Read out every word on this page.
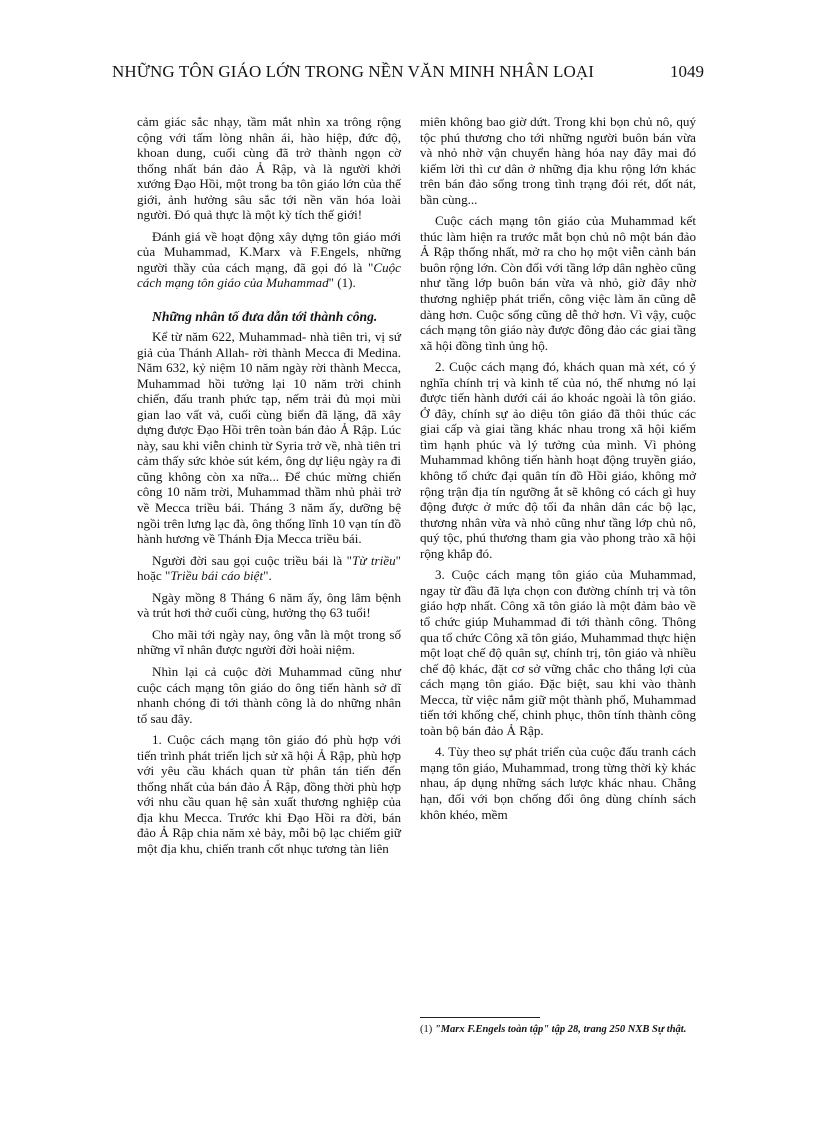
NHỮNG TÔN GIÁO LỚN TRONG NỀN VĂN MINH NHÂN LOẠI	1049

cảm giác sắc nhạy, tầm mắt nhìn xa trông rộng cộng với tấm lòng nhân ái, hào hiệp, đức độ, khoan dung, cuối cùng đã trở thành ngọn cờ thống nhất bán đảo Ả Rập, và là người khởi xướng Đạo Hồi, một trong ba tôn giáo lớn của thế giới, ảnh hưởng sâu sắc tới nền văn hóa loài người. Đó quả thực là một kỳ tích thế giới!

Đánh giá về hoạt động xây dựng tôn giáo mới của Muhammad, K.Marx và F.Engels, những người thầy của cách mạng, đã gọi đó là "Cuộc cách mạng tôn giáo của Muhammad" (1).

Những nhân tố đưa dẫn tới thành công.

Kể từ năm 622, Muhammad- nhà tiên tri, vị sứ giả của Thánh Allah- rời thành Mecca đi Medina. Năm 632, kỷ niệm 10 năm ngày rời thành Mecca, Muhammad hồi tưởng lại 10 năm trời chinh chiến, đấu tranh phức tạp, nếm trải đủ mọi mùi gian lao vất vả, cuối cùng biển đã lặng, đã xây dựng được Đạo Hồi trên toàn bán đảo Ả Rập. Lúc này, sau khi viễn chinh từ Syria trở về, nhà tiên tri cảm thấy sức khỏe sút kém, ông dự liệu ngày ra đi cũng không còn xa nữa... Để chúc mừng chiến công 10 năm trời, Muhammad thầm nhủ phải trở về Mecca triều bái. Tháng 3 năm ấy, dưỡng bệ ngồi trên lưng lạc đà, ông thống lĩnh 10 vạn tín đồ hành hương về Thánh Địa Mecca triều bái.

Người đời sau gọi cuộc triều bái là "Từ triều" hoặc "Triều bái cáo biệt".

Ngày mồng 8 Tháng 6 năm ấy, ông lâm bệnh và trút hơi thở cuối cùng, hưởng thọ 63 tuổi!

Cho mãi tới ngày nay, ông vẫn là một trong số những vĩ nhân được người đời hoài niệm.

Nhìn lại cả cuộc đời Muhammad cũng như cuộc cách mạng tôn giáo do ông tiến hành sở dĩ nhanh chóng đi tới thành công là do những nhân tố sau đây.

1. Cuộc cách mạng tôn giáo đó phù hợp với tiến trình phát triển lịch sử xã hội Ả Rập, phù hợp với yêu cầu khách quan từ phân tán tiến đến thống nhất của bán đảo Ả Rập, đồng thời phù hợp với nhu cầu quan hệ sản xuất thương nghiệp của địa khu Mecca. Trước khi Đạo Hồi ra đời, bán đảo Ả Rập chia năm xẻ bảy, mỗi bộ lạc chiếm giữ một địa khu, chiến tranh cốt nhục tương tàn liên

miên không bao giờ dứt. Trong khi bọn chủ nô, quý tộc phú thương cho tới những người buôn bán vừa và nhỏ nhờ vận chuyển hàng hóa nay đây mai đó kiếm lời thì cư dân ở những địa khu rộng lớn khác trên bán đảo sống trong tình trạng đói rét, dốt nát, bần cùng...

Cuộc cách mạng tôn giáo của Muhammad kết thúc làm hiện ra trước mắt bọn chủ nô một bán đảo Ả Rập thống nhất, mở ra cho họ một viễn cảnh bán buôn rộng lớn. Còn đối với tầng lớp dân nghèo cũng như tầng lớp buôn bán vừa và nhỏ, giờ đây nhờ thương nghiệp phát triển, công việc làm ăn cũng dễ dàng hơn. Cuộc sống cũng dễ thở hơn. Vì vậy, cuộc cách mạng tôn giáo này được đông đảo các giai tầng xã hội đồng tình ủng hộ.

2. Cuộc cách mạng đó, khách quan mà xét, có ý nghĩa chính trị và kinh tế của nó, thế nhưng nó lại được tiến hành dưới cái áo khoác ngoài là tôn giáo. Ở đây, chính sự ảo diệu tôn giáo đã thôi thúc các giai cấp và giai tầng khác nhau trong xã hội kiếm tìm hạnh phúc và lý tưởng của mình. Vì phỏng Muhammad không tiến hành hoạt động truyền giáo, không tổ chức đại quân tín đồ Hồi giáo, không mở rộng trận địa tín ngưỡng ắt sẽ không có cách gì huy động được ở mức độ tối đa nhân dân các bộ lạc, thương nhân vừa và nhỏ cũng như tầng lớp chủ nô, quý tộc, phú thương tham gia vào phong trào xã hội rộng khắp đó.

3. Cuộc cách mạng tôn giáo của Muhammad, ngay từ đầu đã lựa chọn con đường chính trị và tôn giáo hợp nhất. Công xã tôn giáo là một đảm bảo về tổ chức giúp Muhammad đi tới thành công. Thông qua tổ chức Công xã tôn giáo, Muhammad thực hiện một loạt chế độ quân sự, chính trị, tôn giáo và nhiều chế độ khác, đặt cơ sở vững chắc cho thắng lợi của cách mạng tôn giáo. Đặc biệt, sau khi vào thành Mecca, từ việc nắm giữ một thành phố, Muhammad tiến tới khống chế, chinh phục, thôn tính thành công toàn bộ bán đảo Ả Rập.

4. Tùy theo sự phát triển của cuộc đấu tranh cách mạng tôn giáo, Muhammad, trong từng thời kỳ khác nhau, áp dụng những sách lược khác nhau. Chẳng hạn, đối với bọn chống đối ông dùng chính sách khôn khéo, mềm

(1) "Marx F.Engels toàn tập" tập 28, trang 250 NXB Sự thật.
